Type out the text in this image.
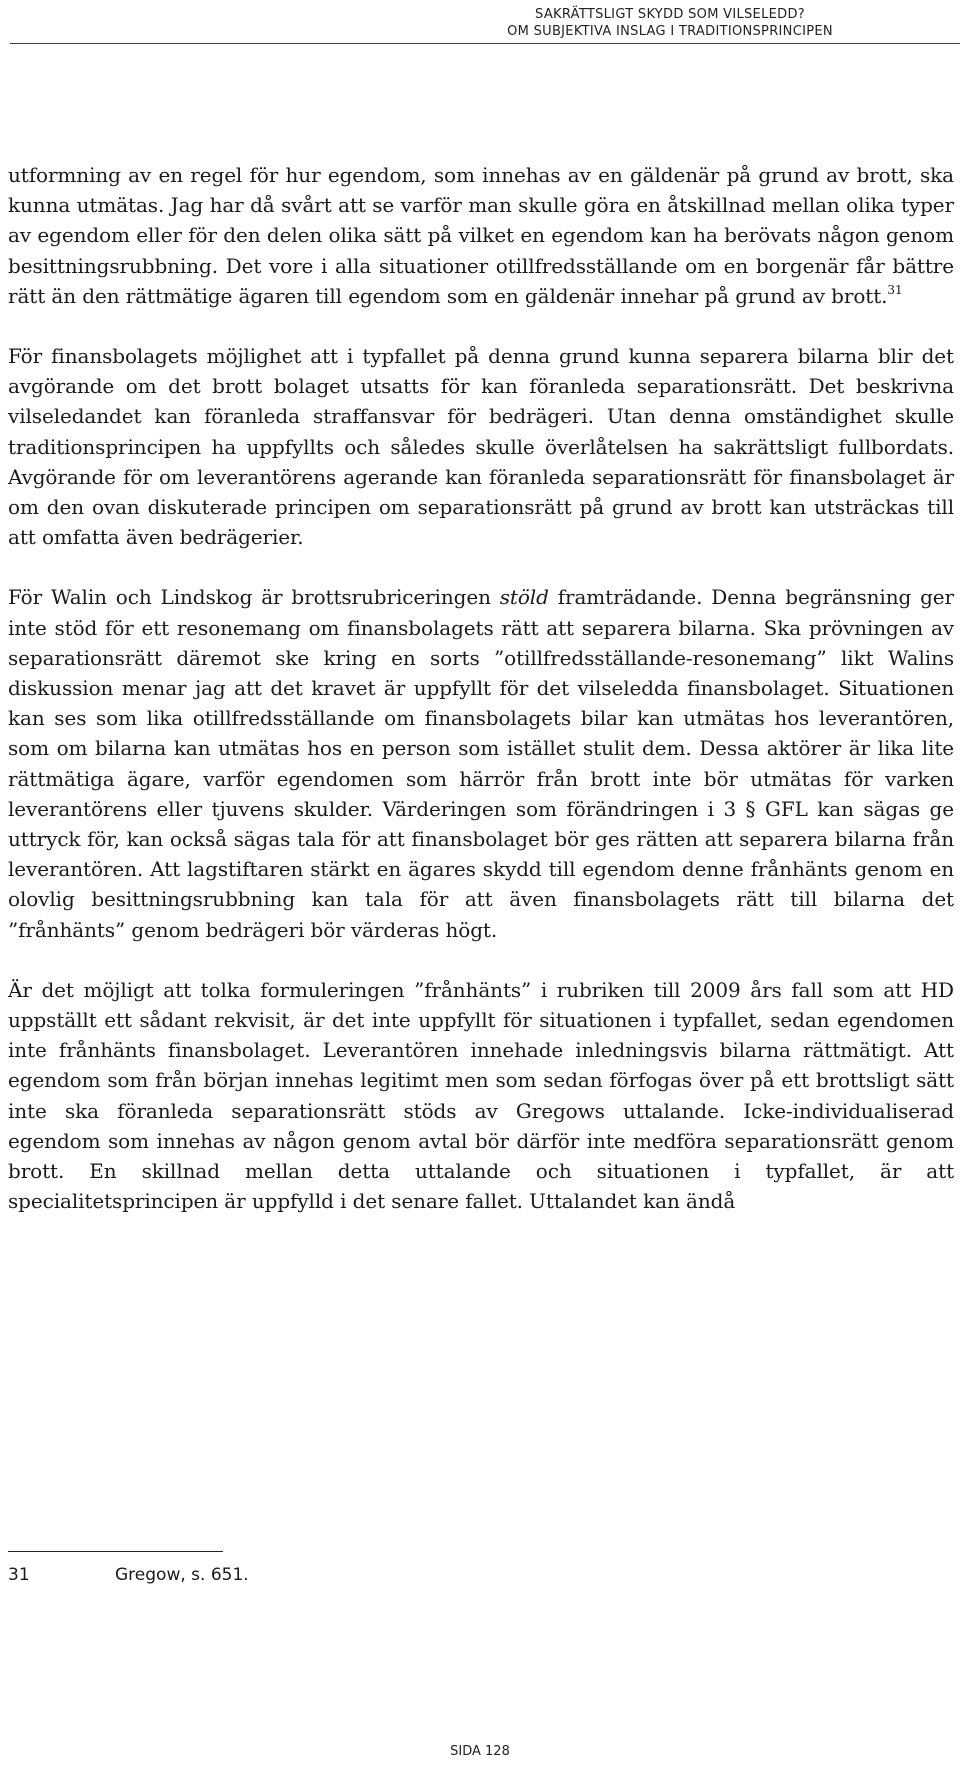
SAKRÄTTSLIGT SKYDD SOM VILSELEDD?
OM SUBJEKTIVA INSLAG I TRADITIONSPRINCIPEN

utformning av en regel för hur egendom, som innehas av en gäldenär på grund av brott, ska kunna utmätas. Jag har då svårt att se varför man skulle göra en åtskillnad mellan olika typer av egendom eller för den delen olika sätt på vilket en egendom kan ha berövats någon genom besittningsrubbning. Det vore i alla situationer otillfredsställande om en borgenär får bättre rätt än den rättmätige ägaren till egendom som en gäldenär innehar på grund av brott.$^{31}$

För finansbolagets möjlighet att i typfallet på denna grund kunna separera bilarna blir det avgörande om det brott bolaget utsatts för kan föranleda separationsrätt. Det beskrivna vilseledandet kan föranleda straffansvar för bedrägeri. Utan denna omständighet skulle traditionsprincipen ha uppfyllts och således skulle överlåtelsen ha sakrättsligt fullbordats. Avgörande för om leverantörens agerande kan föranleda separationsrätt för finansbolaget är om den ovan diskuterade principen om separationsrätt på grund av brott kan utsträckas till att omfatta även bedrägerier.

För Walin och Lindskog är brottsrubriceringen stöld framträdande. Denna begränsning ger inte stöd för ett resonemang om finansbolagets rätt att separera bilarna. Ska prövningen av separationsrätt däremot ske kring en sorts ”otillfredsställande-resonemang” likt Walins diskussion menar jag att det kravet är uppfyllt för det vilseledda finansbolaget. Situationen kan ses som lika otillfredsställande om finansbolagets bilar kan utmätas hos leverantören, som om bilarna kan utmätas hos en person som istället stulit dem. Dessa aktörer är lika lite rättmätiga ägare, varför egendomen som härrör från brott inte bör utmätas för varken leverantörens eller tjuvens skulder. Värderingen som förändringen i 3 § GFL kan sägas ge uttryck för, kan också sägas tala för att finansbolaget bör ges rätten att separera bilarna från leverantören. Att lagstiftaren stärkt en ägares skydd till egendom denne frånhänts genom en olovlig besittningsrubbning kan tala för att även finansbolagets rätt till bilarna det ”frånhänts” genom bedrägeri bör värderas högt.

Är det möjligt att tolka formuleringen ”frånhänts” i rubriken till 2009 års fall som att HD uppställt ett sådant rekvisit, är det inte uppfyllt för situationen i typfallet, sedan egendomen inte frånhänts finansbolaget. Leverantören innehade inledningsvis bilarna rättmätigt. Att egendom som från början innehas legitimt men som sedan förfogas över på ett brottsligt sätt inte ska föranleda separationsrätt stöds av Gregows uttalande. Icke-individualiserad egendom som innehas av någon genom avtal bör därför inte medföra separationsrätt genom brott. En skillnad mellan detta uttalande och situationen i typfallet, är att specialitetsprincipen är uppfylld i det senare fallet. Uttalandet kan ändå

31	Gregow, s. 651.
SIDA 128
